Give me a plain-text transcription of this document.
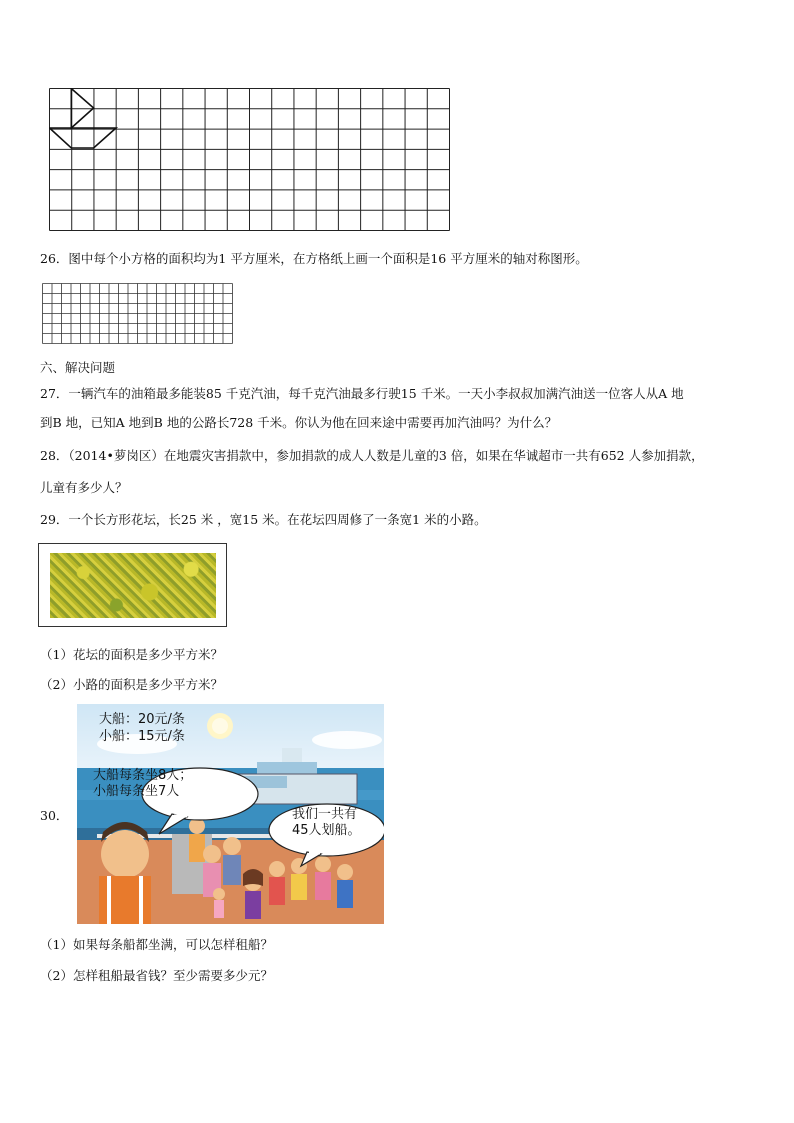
26．图中每个小方格的面积均为1 平方厘米，在方格纸上画一个面积是16 平方厘米的轴对称图形。
六、解决问题
27．一辆汽车的油箱最多能装85 千克汽油，每千克汽油最多行驶15 千米。一天小李叔叔加满汽油送一位客人从A 地
到B 地，已知A 地到B 地的公路长728 千米。你认为他在回来途中需要再加汽油吗？为什么？
28．（2014•萝岗区）在地震灾害捐款中，参加捐款的成人人数是儿童的3 倍，如果在华诚超市一共有652 人参加捐款，
儿童有多少人？
29．一个长方形花坛，长25 米 ，宽15 米。在花坛四周修了一条宽1 米的小路。
（1）花坛的面积是多少平方米？
（2）小路的面积是多少平方米？
30．
大船：20元/条
小船：15元/条
大船每条坐8人；
小船每条坐7人
我们一共有
45人划船。
（1）如果每条船都坐满，可以怎样租船？
（2）怎样租船最省钱？至少需要多少元？
